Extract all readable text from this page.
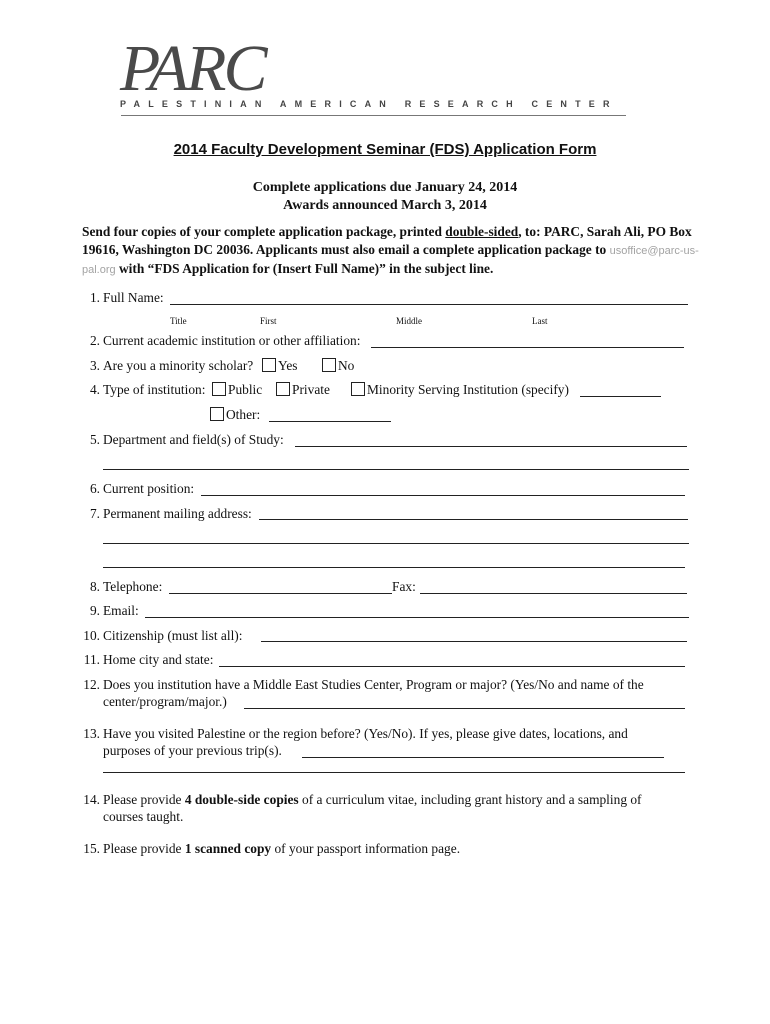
PARC
PALESTINIAN AMERICAN RESEARCH CENTER
2014 Faculty Development Seminar (FDS) Application Form
Complete applications due January 24, 2014
Awards announced March 3, 2014
Send four copies of your complete application package, printed double-sided, to: PARC, Sarah Ali, PO Box 19616, Washington DC 20036. Applicants must also email a complete application package to usoffice@parc-us-pal.org with “FDS Application for (Insert Full Name)” in the subject line.
1. Full Name:
Title	First	Middle	Last
2. Current academic institution or other affiliation:
3. Are you a minority scholar?	Yes	No
4. Type of institution:	Public	Private	Minority Serving Institution (specify)
Other:
5. Department and field(s) of Study:
6. Current position:
7. Permanent mailing address:
8. Telephone:	Fax:
9. Email:
10. Citizenship (must list all):
11. Home city and state:
12. Does you institution have a Middle East Studies Center, Program or major? (Yes/No and name of the
center/program/major.)
13. Have you visited Palestine or the region before? (Yes/No). If yes, please give dates, locations, and
purposes of your previous trip(s).
14. Please provide 4 double-side copies of a curriculum vitae, including grant history and a sampling of
courses taught.
15. Please provide 1 scanned copy of your passport information page.
